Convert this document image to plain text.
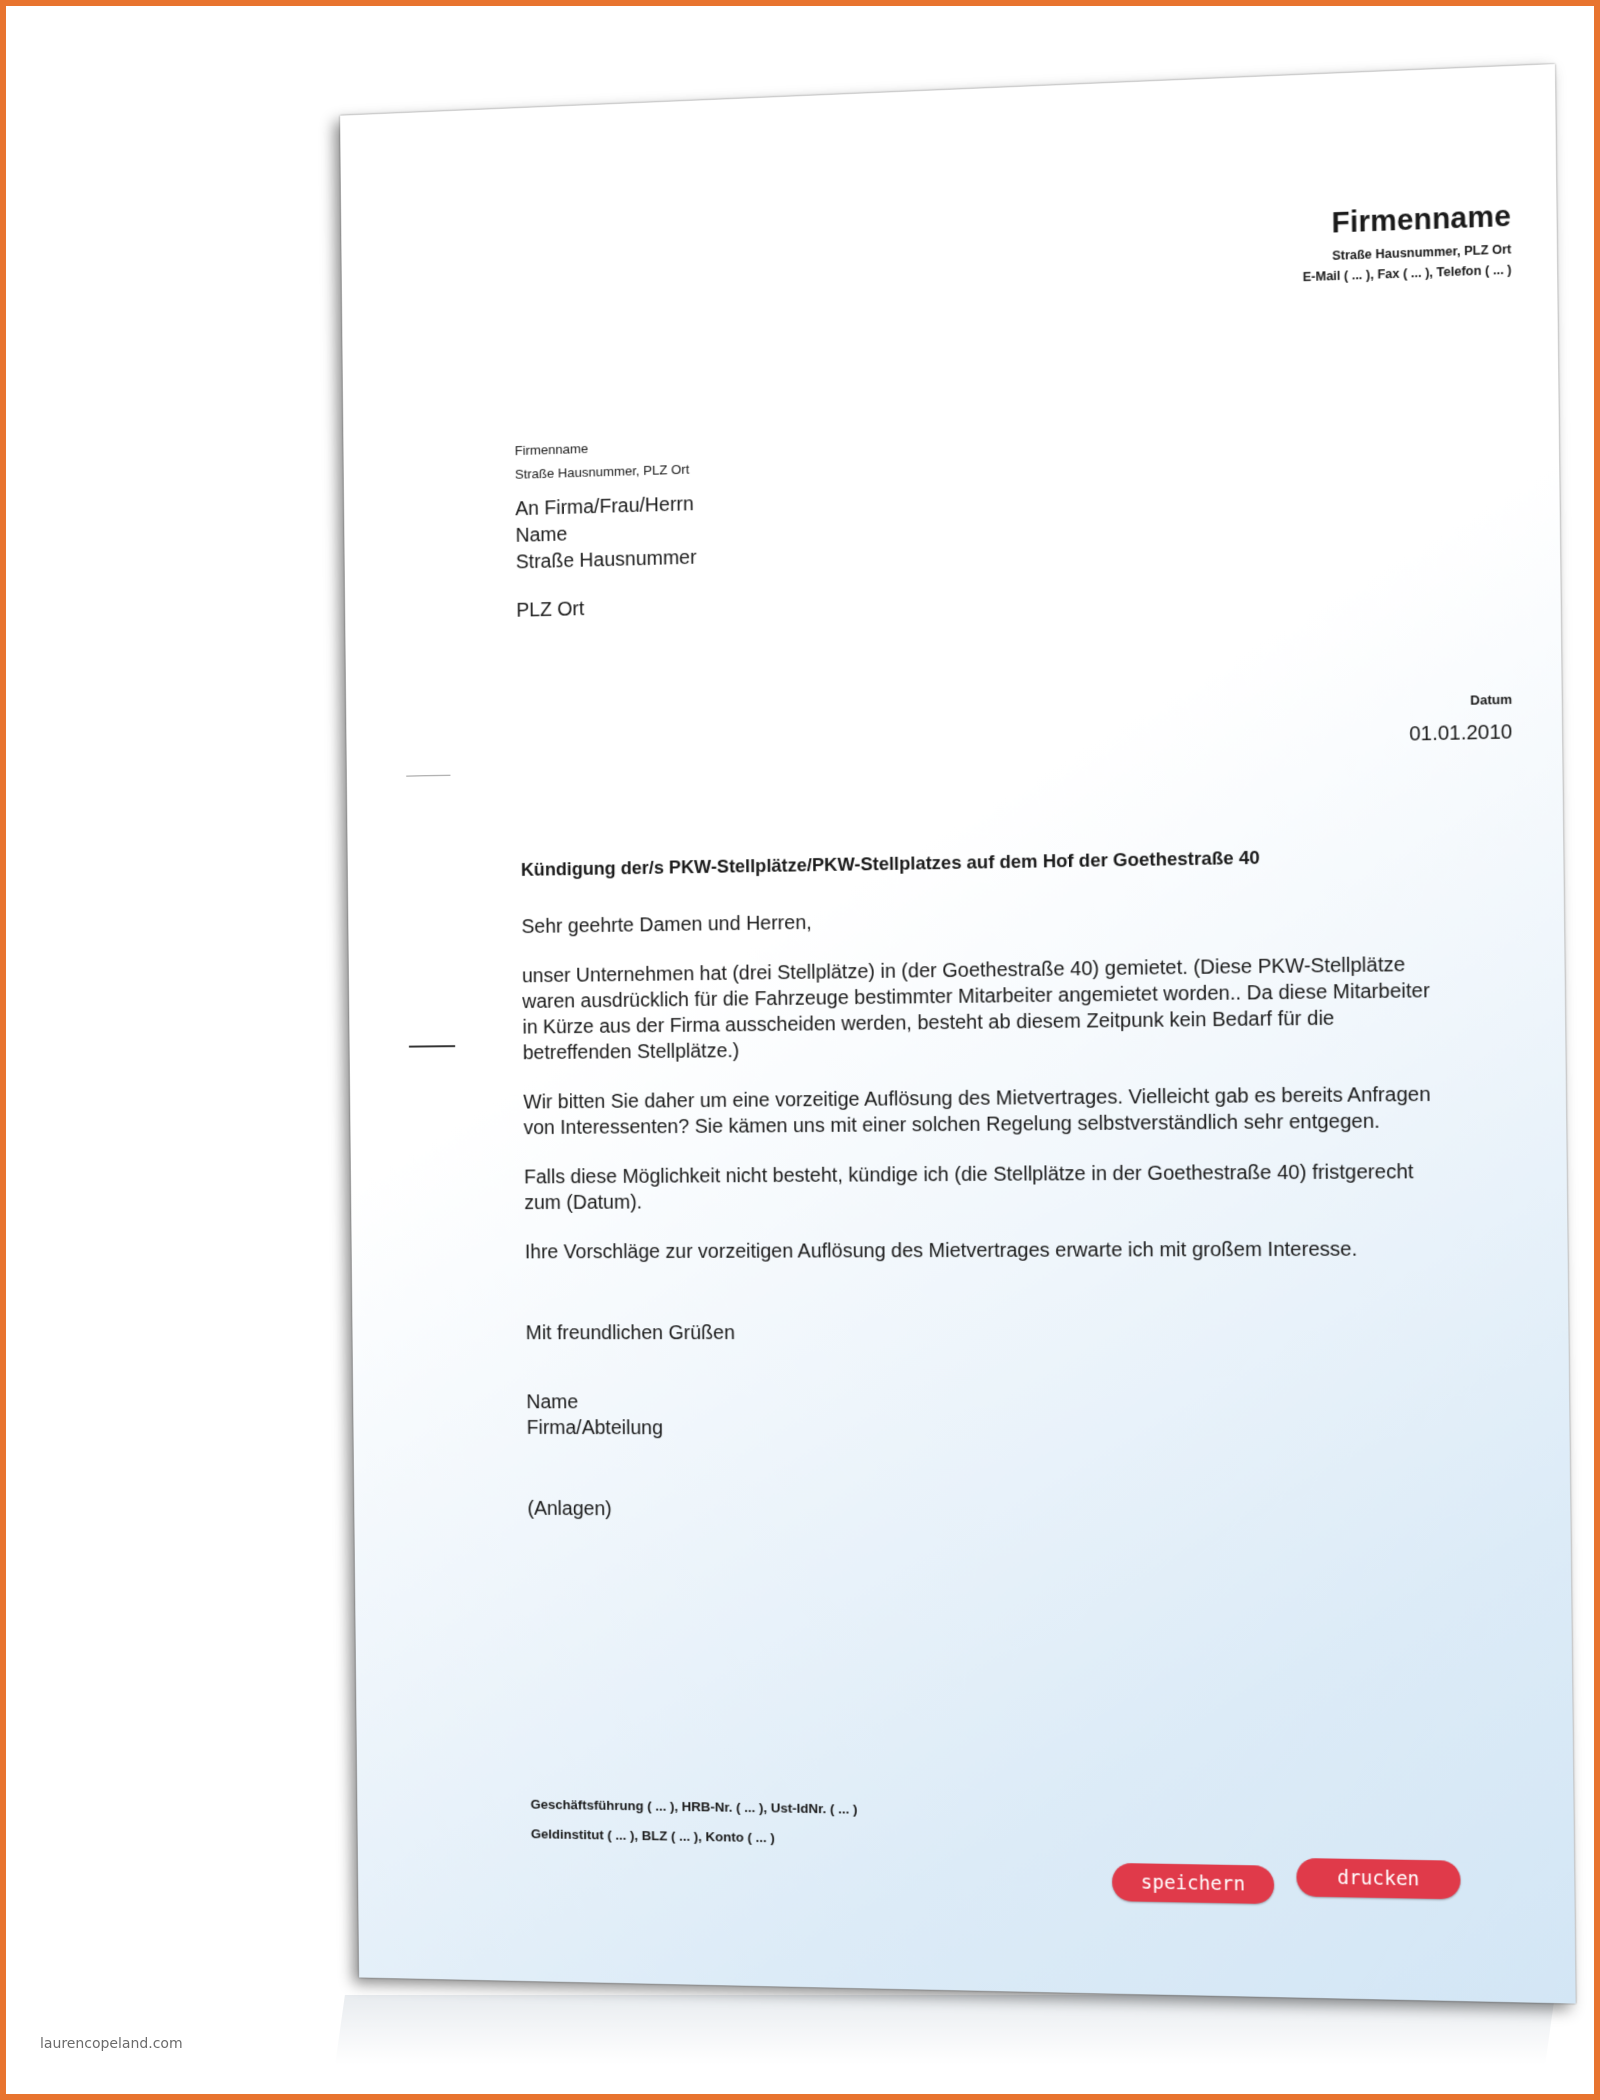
Firmenname
Straße Hausnummer, PLZ Ort
E-Mail ( ... ), Fax ( ... ), Telefon ( ... )
Firmenname
Straße Hausnummer, PLZ Ort
An Firma/Frau/Herrn
Name
Straße Hausnummer
PLZ Ort
Datum
01.01.2010
Kündigung der/s PKW-Stellplätze/PKW-Stellplatzes auf dem Hof der Goethestraße 40

Sehr geehrte Damen und Herren,

unser Unternehmen hat (drei Stellplätze) in (der Goethestraße 40) gemietet. (Diese PKW-Stellplätze waren ausdrücklich für die Fahrzeuge bestimmter Mitarbeiter angemietet worden.. Da diese Mitarbeiter in Kürze aus der Firma ausscheiden werden, besteht ab diesem Zeitpunk kein Bedarf für die betreffenden Stellplätze.)

Wir bitten Sie daher um eine vorzeitige Auflösung des Mietvertrages. Vielleicht gab es bereits Anfragen von Interessenten? Sie kämen uns mit einer solchen Regelung selbstverständlich sehr entgegen.

Falls diese Möglichkeit nicht besteht, kündige ich (die Stellplätze in der Goethestraße 40) fristgerecht zum (Datum).

Ihre Vorschläge zur vorzeitigen Auflösung des Mietvertrages erwarte ich mit großem Interesse.

Mit freundlichen Grüßen
Name
Firma/Abteilung
(Anlagen)
Geschäftsführung ( ... ), HRB-Nr. ( ... ), Ust-IdNr. ( ... )
Geldinstitut ( ... ), BLZ ( ... ), Konto ( ... )
speichern	drucken
laurencopeland.com
